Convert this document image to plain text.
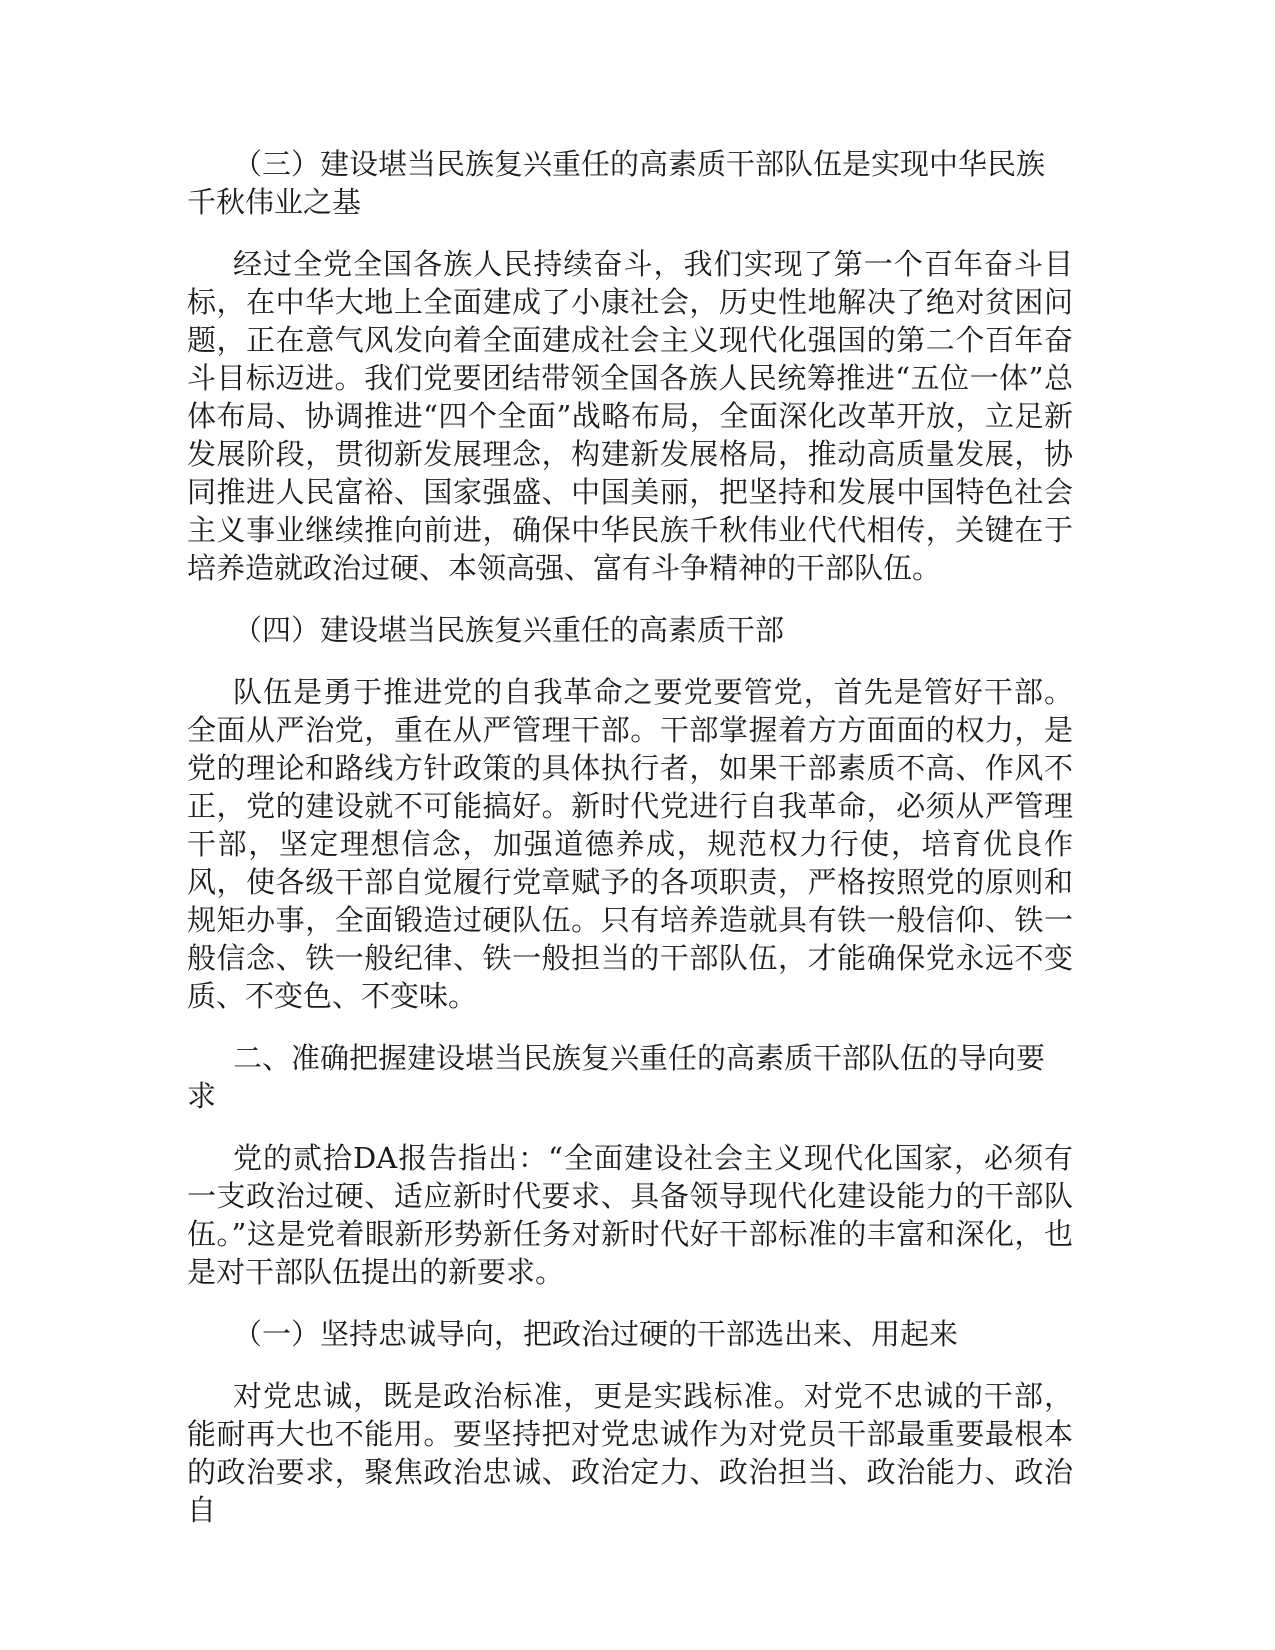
（三）建设堪当民族复兴重任的高素质干部队伍是实现中华民族千秋伟业之基

经过全党全国各族人民持续奋斗，我们实现了第一个百年奋斗目标，在中华大地上全面建成了小康社会，历史性地解决了绝对贫困问题，正在意气风发向着全面建成社会主义现代化强国的第二个百年奋斗目标迈进。我们党要团结带领全国各族人民统筹推进“五位一体”总体布局、协调推进“四个全面”战略布局，全面深化改革开放，立足新发展阶段，贯彻新发展理念，构建新发展格局，推动高质量发展，协同推进人民富裕、国家强盛、中国美丽，把坚持和发展中国特色社会主义事业继续推向前进，确保中华民族千秋伟业代代相传，关键在于培养造就政治过硬、本领高强、富有斗争精神的干部队伍。

（四）建设堪当民族复兴重任的高素质干部

队伍是勇于推进党的自我革命之要党要管党，首先是管好干部。全面从严治党，重在从严管理干部。干部掌握着方方面面的权力，是党的理论和路线方针政策的具体执行者，如果干部素质不高、作风不正，党的建设就不可能搞好。新时代党进行自我革命，必须从严管理干部，坚定理想信念，加强道德养成，规范权力行使，培育优良作风，使各级干部自觉履行党章赋予的各项职责，严格按照党的原则和规矩办事，全面锻造过硬队伍。只有培养造就具有铁一般信仰、铁一般信念、铁一般纪律、铁一般担当的干部队伍，才能确保党永远不变质、不变色、不变味。

二、准确把握建设堪当民族复兴重任的高素质干部队伍的导向要求

党的贰拾DA报告指出：“全面建设社会主义现代化国家，必须有一支政治过硬、适应新时代要求、具备领导现代化建设能力的干部队伍。”这是党着眼新形势新任务对新时代好干部标准的丰富和深化，也是对干部队伍提出的新要求。

（一）坚持忠诚导向，把政治过硬的干部选出来、用起来

对党忠诚，既是政治标准，更是实践标准。对党不忠诚的干部，能耐再大也不能用。要坚持把对党忠诚作为对党员干部最重要最根本的政治要求，聚焦政治忠诚、政治定力、政治担当、政治能力、政治自
